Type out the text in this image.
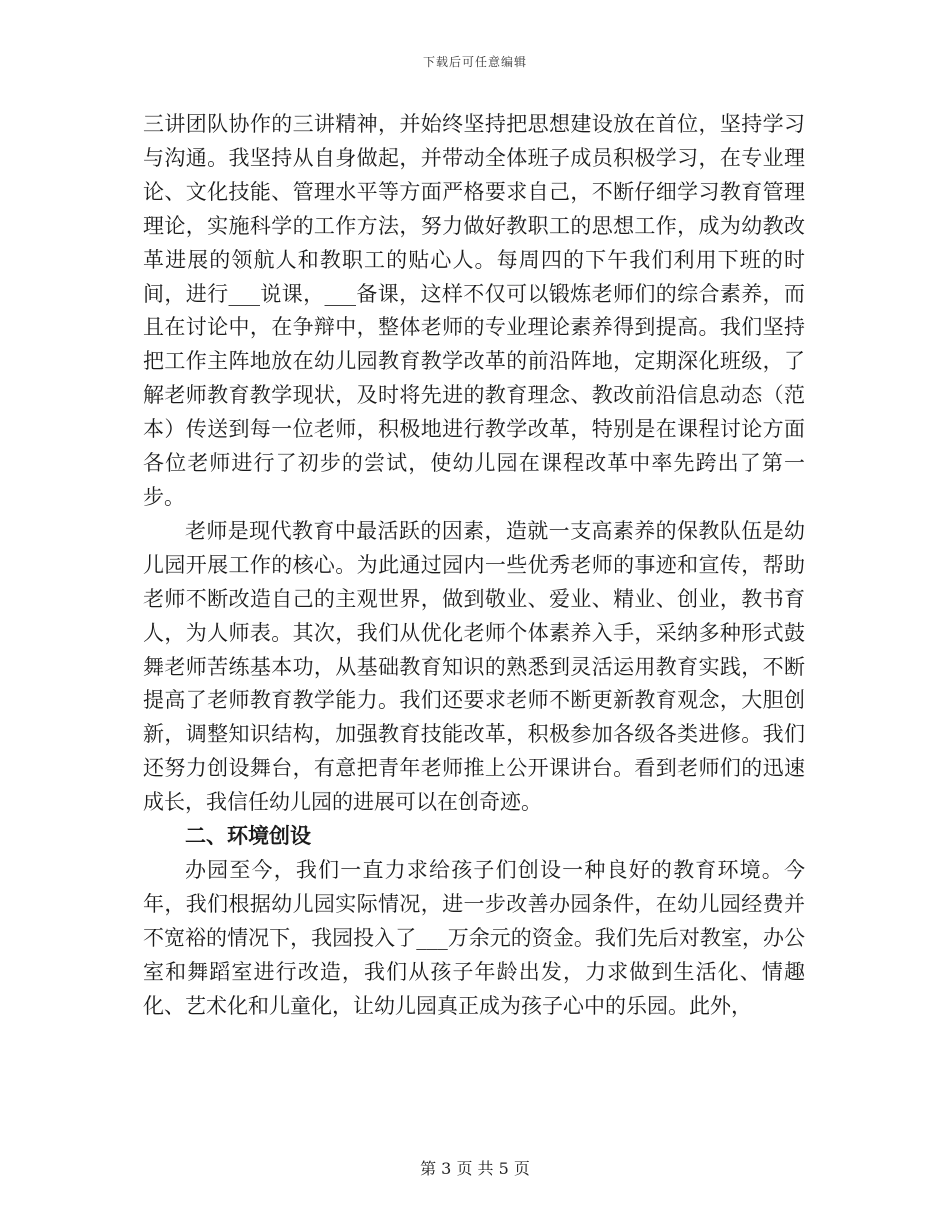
下载后可任意编辑

三讲团队协作的三讲精神，并始终坚持把思想建设放在首位，坚持学习与沟通。我坚持从自身做起，并带动全体班子成员积极学习，在专业理论、文化技能、管理水平等方面严格要求自己，不断仔细学习教育管理理论，实施科学的工作方法，努力做好教职工的思想工作，成为幼教改革进展的领航人和教职工的贴心人。每周四的下午我们利用下班的时间，进行___说课，___备课，这样不仅可以锻炼老师们的综合素养，而且在讨论中，在争辩中，整体老师的专业理论素养得到提高。我们坚持把工作主阵地放在幼儿园教育教学改革的前沿阵地，定期深化班级，了解老师教育教学现状，及时将先进的教育理念、教改前沿信息动态（范本）传送到每一位老师，积极地进行教学改革，特别是在课程讨论方面各位老师进行了初步的尝试，使幼儿园在课程改革中率先跨出了第一步。

老师是现代教育中最活跃的因素，造就一支高素养的保教队伍是幼儿园开展工作的核心。为此通过园内一些优秀老师的事迹和宣传，帮助老师不断改造自己的主观世界，做到敬业、爱业、精业、创业，教书育人，为人师表。其次，我们从优化老师个体素养入手，采纳多种形式鼓舞老师苦练基本功，从基础教育知识的熟悉到灵活运用教育实践，不断提高了老师教育教学能力。我们还要求老师不断更新教育观念，大胆创新，调整知识结构，加强教育技能改革，积极参加各级各类进修。我们还努力创设舞台，有意把青年老师推上公开课讲台。看到老师们的迅速成长，我信任幼儿园的进展可以在创奇迹。

二、环境创设

办园至今，我们一直力求给孩子们创设一种良好的教育环境。今年，我们根据幼儿园实际情况，进一步改善办园条件，在幼儿园经费并不宽裕的情况下，我园投入了___万余元的资金。我们先后对教室，办公室和舞蹈室进行改造，我们从孩子年龄出发，力求做到生活化、情趣化、艺术化和儿童化，让幼儿园真正成为孩子心中的乐园。此外，

第 3 页 共 5 页
